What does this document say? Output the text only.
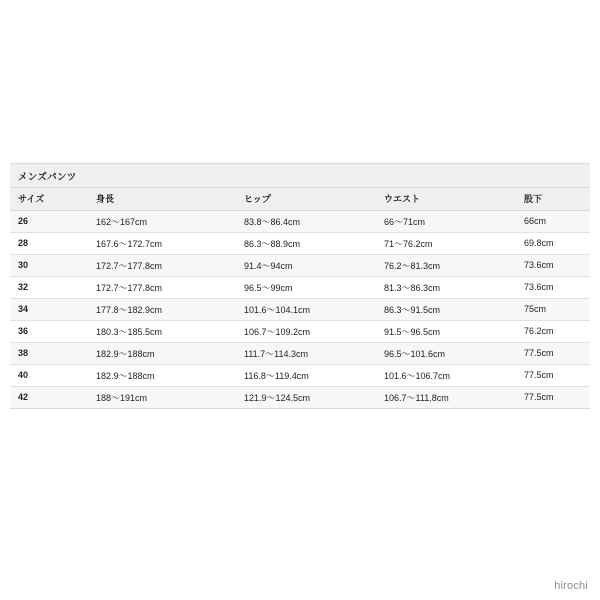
メンズパンツ
サイズ	身長	ヒップ	ウエスト	股下
26	162〜167cm	83.8〜86.4cm	66〜71cm	66cm
28	167.6〜172.7cm	86.3〜88.9cm	71〜76.2cm	69.8cm
30	172.7〜177.8cm	91.4〜94cm	76.2〜81.3cm	73.6cm
32	172.7〜177.8cm	96.5〜99cm	81.3〜86.3cm	73.6cm
34	177.8〜182.9cm	101.6〜104.1cm	86.3〜91.5cm	75cm
36	180.3〜185.5cm	106.7〜109.2cm	91.5〜96.5cm	76.2cm
38	182.9〜188cm	111.7〜114.3cm	96.5〜101.6cm	77.5cm
40	182.9〜188cm	116.8〜119.4cm	101.6〜106.7cm	77.5cm
42	188〜191cm	121.9〜124.5cm	106.7〜111.8cm	77.5cm
hirochi
